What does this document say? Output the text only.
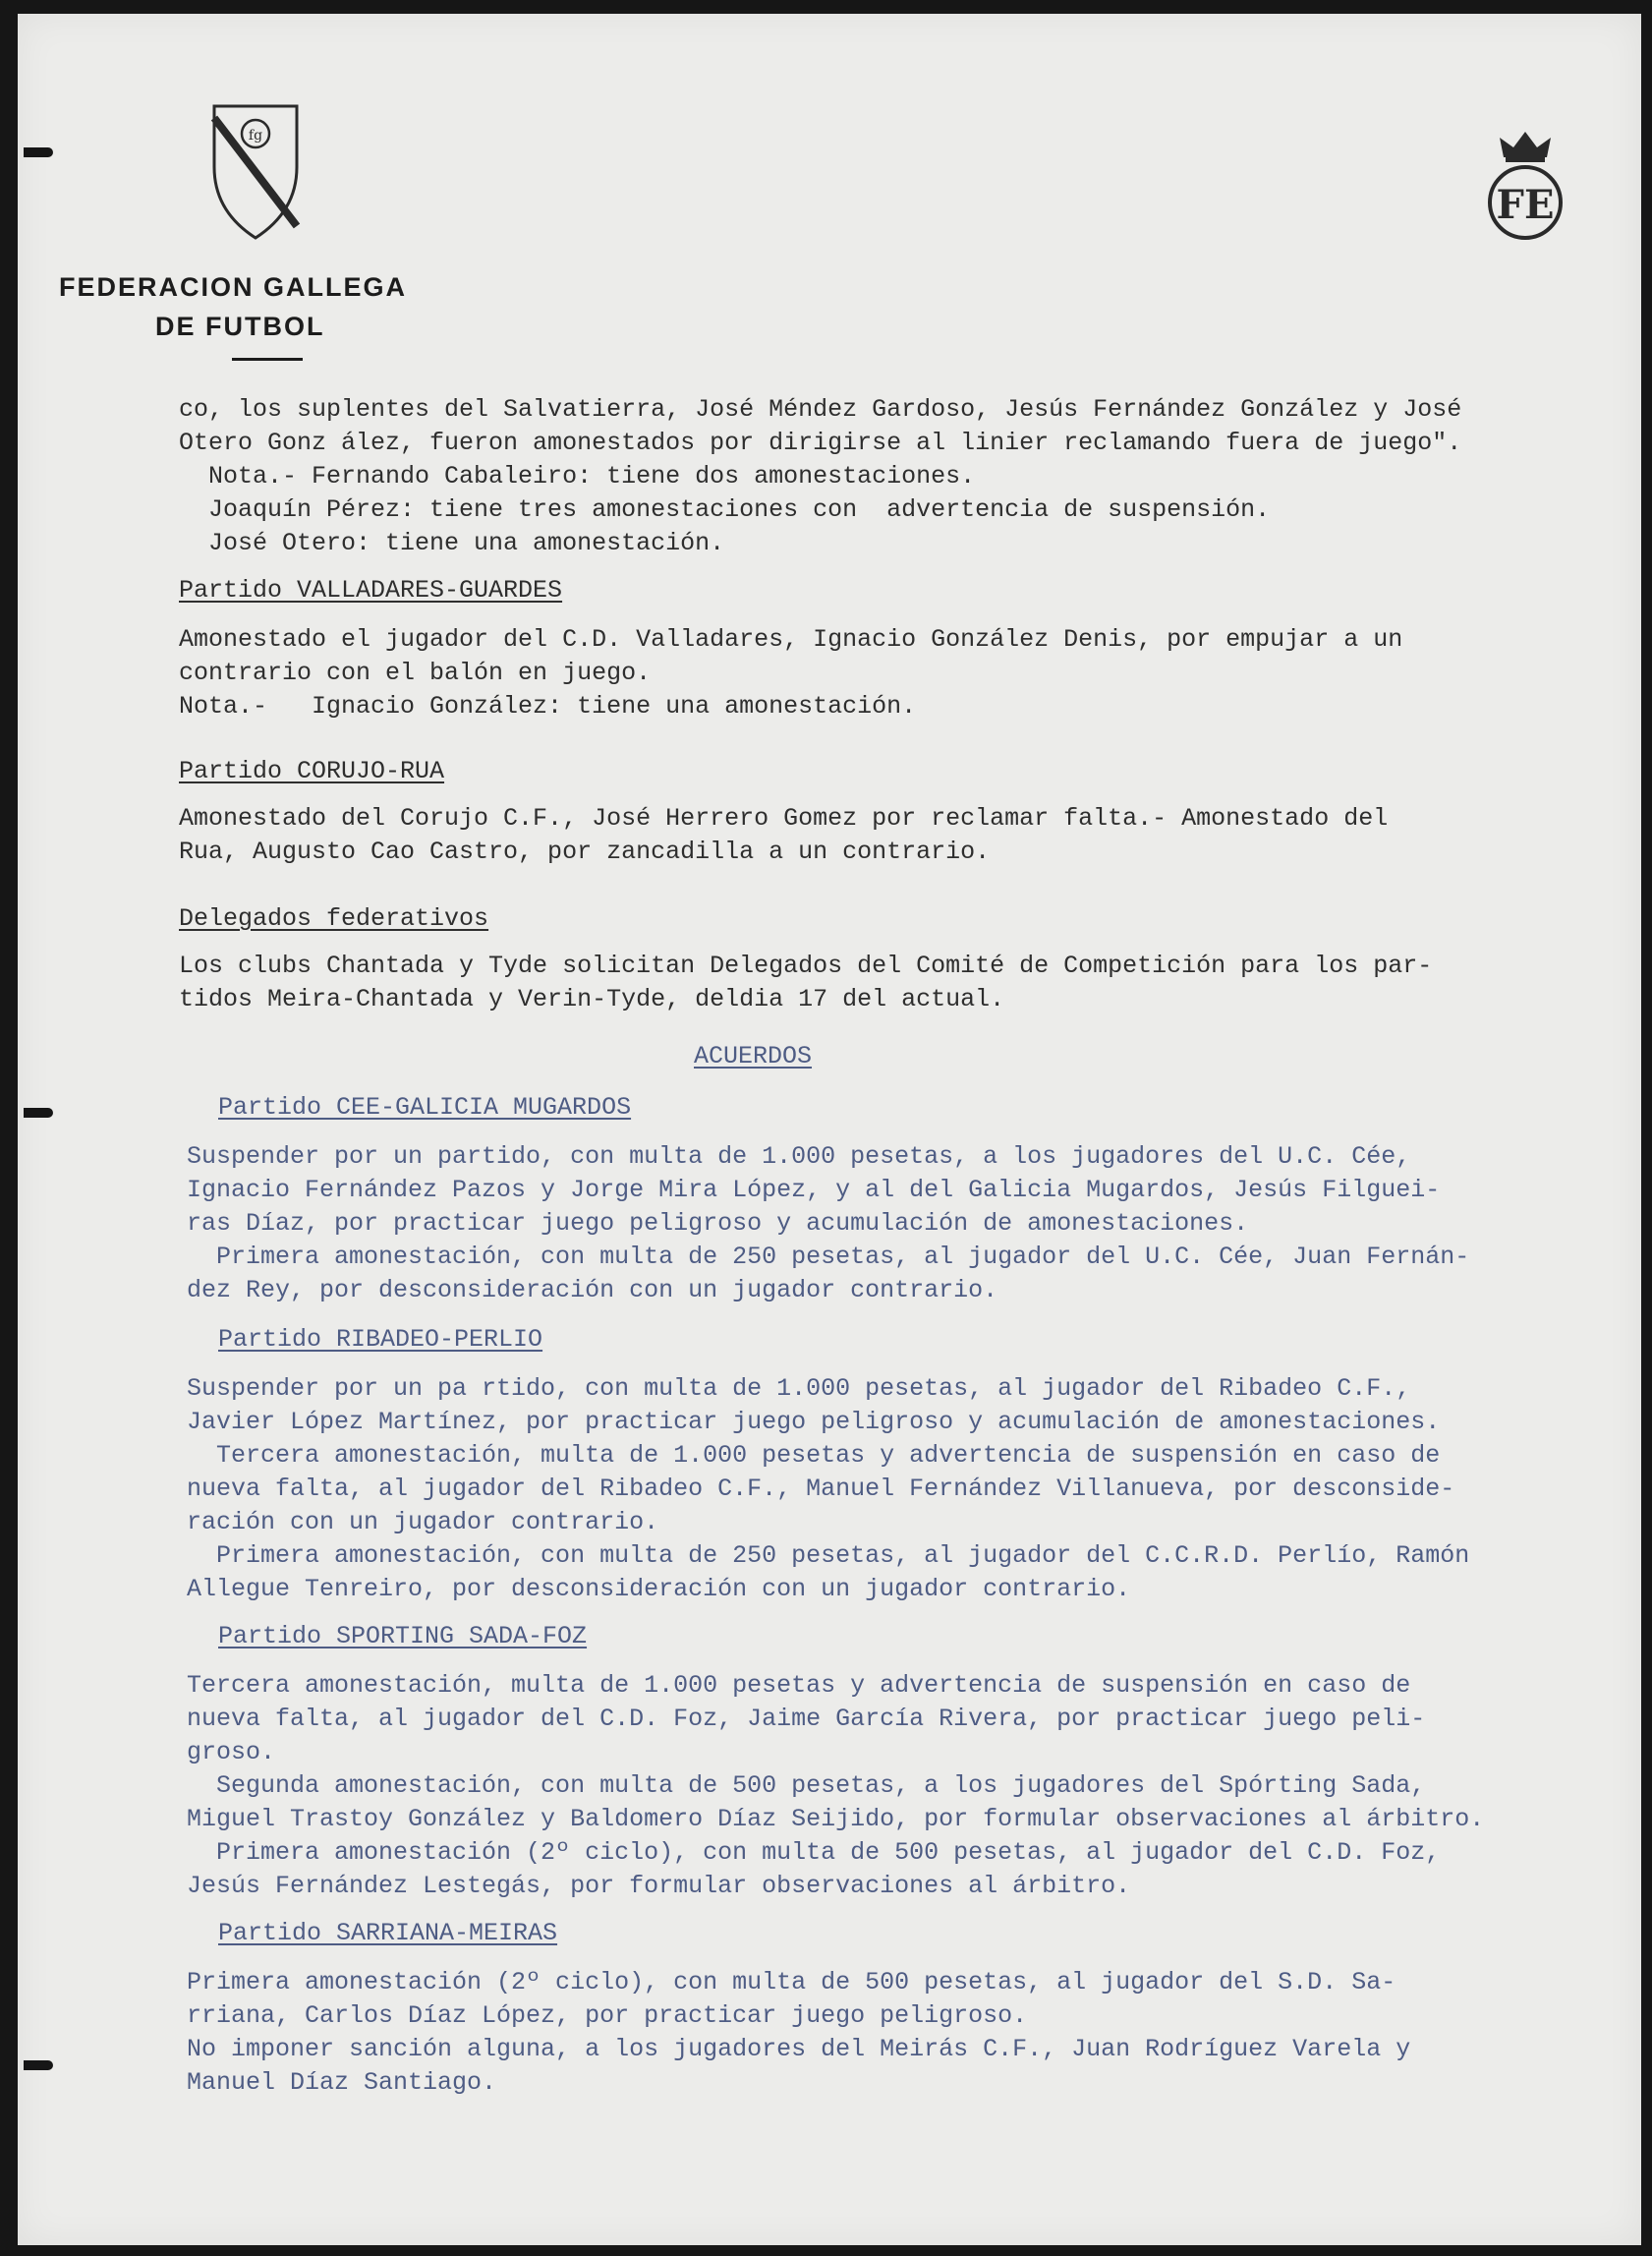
fg
FE
FEDERACION GALLEGA
DE FUTBOL
co, los suplentes del Salvatierra, José Méndez Gardoso, Jesús Fernández González y José
Otero Gonz ález, fueron amonestados por dirigirse al linier reclamando fuera de juego".
Nota.- Fernando Cabaleiro: tiene dos amonestaciones.
Joaquín Pérez: tiene tres amonestaciones con  advertencia de suspensión.
José Otero: tiene una amonestación.
Partido VALLADARES-GUARDES
Amonestado el jugador del C.D. Valladares, Ignacio González Denis, por empujar a un
contrario con el balón en juego.
Nota.-   Ignacio González: tiene una amonestación.
Partido CORUJO-RUA
Amonestado del Corujo C.F., José Herrero Gomez por reclamar falta.- Amonestado del
Rua, Augusto Cao Castro, por zancadilla a un contrario.
Delegados federativos
Los clubs Chantada y Tyde solicitan Delegados del Comité de Competición para los par-
tidos Meira-Chantada y Verin-Tyde, deldia 17 del actual.
ACUERDOS
Partido CEE-GALICIA MUGARDOS
Suspender por un partido, con multa de 1.000 pesetas, a los jugadores del U.C. Cée,
Ignacio Fernández Pazos y Jorge Mira López, y al del Galicia Mugardos, Jesús Filguei-
ras Díaz, por practicar juego peligroso y acumulación de amonestaciones.
Primera amonestación, con multa de 250 pesetas, al jugador del U.C. Cée, Juan Fernán-
dez Rey, por desconsideración con un jugador contrario.
Partido RIBADEO-PERLIO
Suspender por un pa rtido, con multa de 1.000 pesetas, al jugador del Ribadeo C.F.,
Javier López Martínez, por practicar juego peligroso y acumulación de amonestaciones.
Tercera amonestación, multa de 1.000 pesetas y advertencia de suspensión en caso de
nueva falta, al jugador del Ribadeo C.F., Manuel Fernández Villanueva, por desconside-
ración con un jugador contrario.
Primera amonestación, con multa de 250 pesetas, al jugador del C.C.R.D. Perlío, Ramón
Allegue Tenreiro, por desconsideración con un jugador contrario.
Partido SPORTING SADA-FOZ
Tercera amonestación, multa de 1.000 pesetas y advertencia de suspensión en caso de
nueva falta, al jugador del C.D. Foz, Jaime García Rivera, por practicar juego peli-
groso.
Segunda amonestación, con multa de 500 pesetas, a los jugadores del Spórting Sada,
Miguel Trastoy González y Baldomero Díaz Seijido, por formular observaciones al árbitro.
Primera amonestación (2º ciclo), con multa de 500 pesetas, al jugador del C.D. Foz,
Jesús Fernández Lestegás, por formular observaciones al árbitro.
Partido SARRIANA-MEIRAS
Primera amonestación (2º ciclo), con multa de 500 pesetas, al jugador del S.D. Sa-
rriana, Carlos Díaz López, por practicar juego peligroso.
No imponer sanción alguna, a los jugadores del Meirás C.F., Juan Rodríguez Varela y
Manuel Díaz Santiago.
